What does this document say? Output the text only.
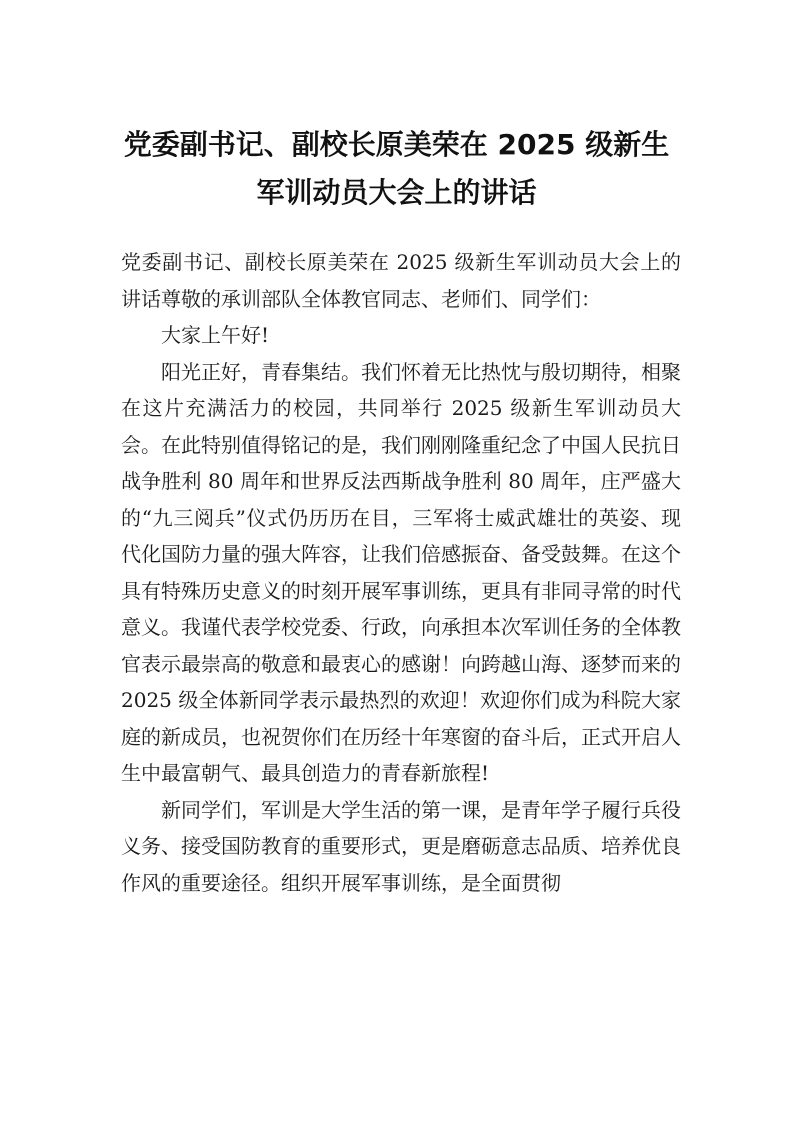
党委副书记、副校长原美荣在 2025 级新生
军训动员大会上的讲话

党委副书记、副校长原美荣在 2025 级新生军训动员大会上的讲话尊敬的承训部队全体教官同志、老师们、同学们：

大家上午好!

阳光正好，青春集结。我们怀着无比热忱与殷切期待，相聚在这片充满活力的校园，共同举行 2025 级新生军训动员大会。在此特别值得铭记的是，我们刚刚隆重纪念了中国人民抗日战争胜利 80 周年和世界反法西斯战争胜利 80 周年，庄严盛大的“九三阅兵”仪式仍历历在目，三军将士威武雄壮的英姿、现代化国防力量的强大阵容，让我们倍感振奋、备受鼓舞。在这个具有特殊历史意义的时刻开展军事训练，更具有非同寻常的时代意义。我谨代表学校党委、行政，向承担本次军训任务的全体教官表示最崇高的敬意和最衷心的感谢！向跨越山海、逐梦而来的 2025 级全体新同学表示最热烈的欢迎！欢迎你们成为科院大家庭的新成员，也祝贺你们在历经十年寒窗的奋斗后，正式开启人生中最富朝气、最具创造力的青春新旅程!

新同学们，军训是大学生活的第一课，是青年学子履行兵役义务、接受国防教育的重要形式，更是磨砺意志品质、培养优良作风的重要途径。组织开展军事训练，是全面贯彻
